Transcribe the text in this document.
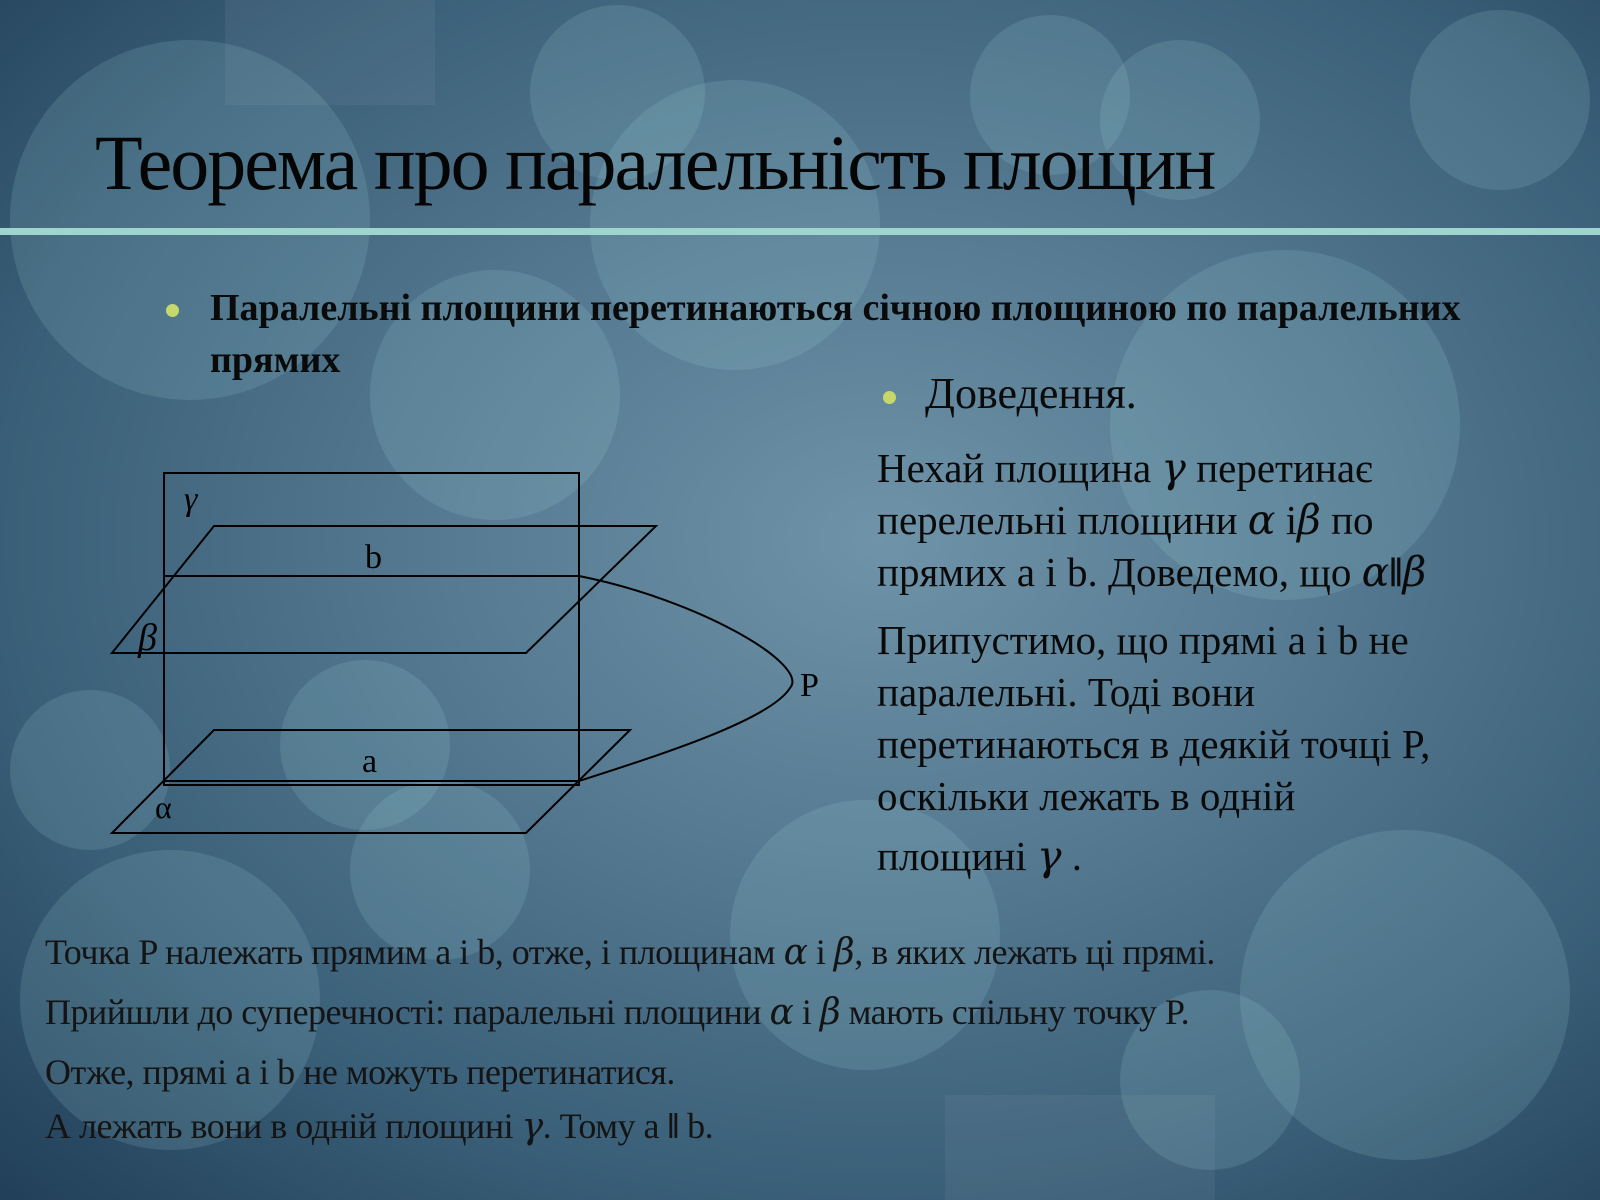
Теорема про паралельність площин

Паралельні площини перетинаються січною площиною по паралельних прямих

γ
β
α
b
a
P
Доведення.
Нехай площина γ перетинає
перелельні площини α іβ по
прямих a і b. Доведемо, що α‖β
Припустимо, що прямі a і b не
паралельні. Тоді вони
перетинаються в деякій точці P,
оскільки лежать в одній
площині γ .
Точка P належать прямим a і b, отже, і площинам α і β, в яких лежать ці прямі.
Прийшли до суперечності: паралельні площини α і β мають спільну точку P.
Отже, прямі a і b не можуть перетинатися.
А лежать вони в одній площині γ. Тому a ‖ b.
